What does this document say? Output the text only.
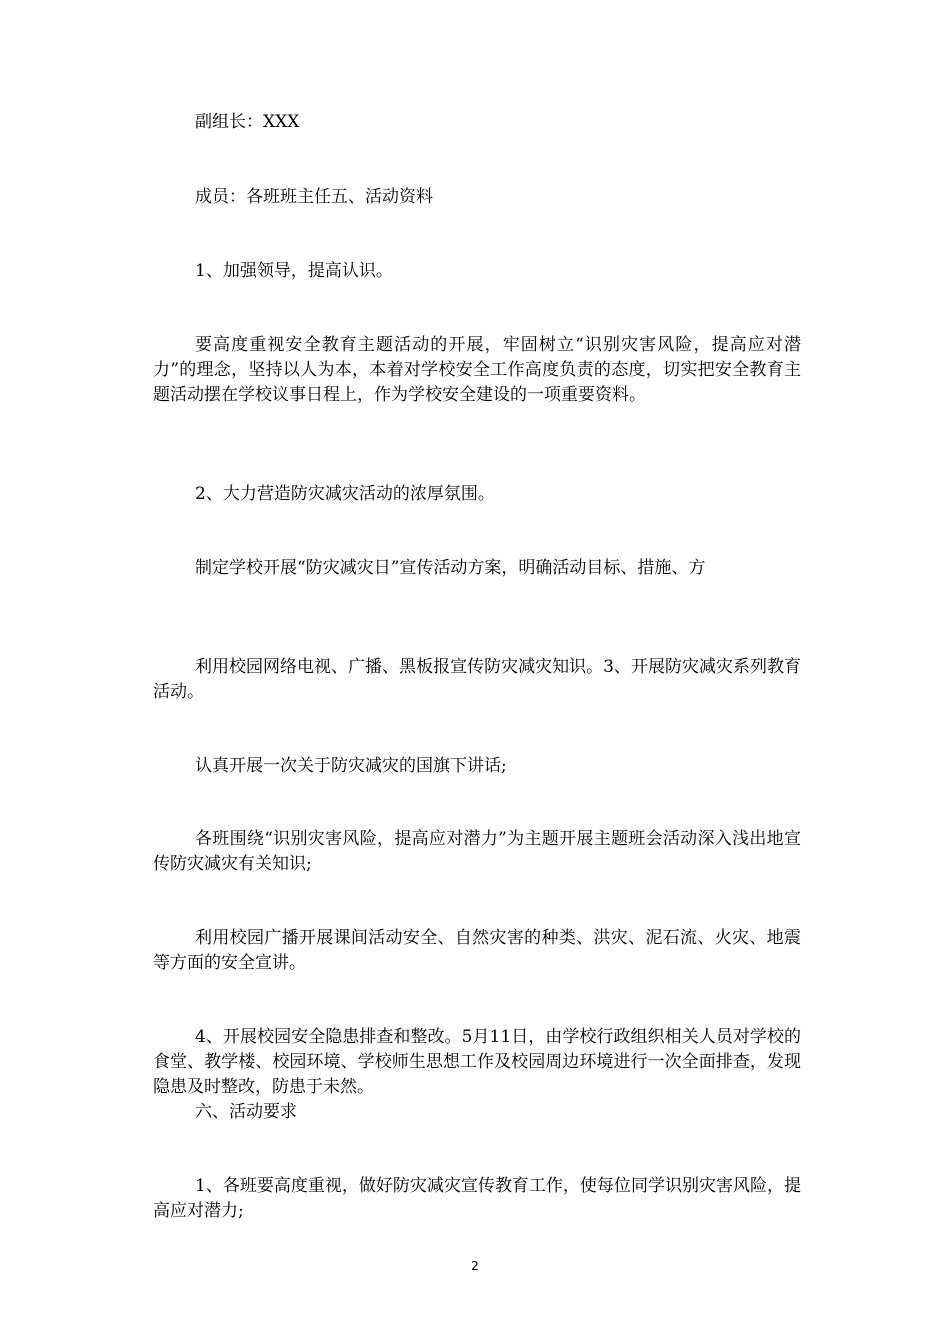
副组长：XXX

成员：各班班主任五、活动资料

1、加强领导，提高认识。

要高度重视安全教育主题活动的开展，牢固树立“识别灾害风险，提高应对潜力”的理念，坚持以人为本，本着对学校安全工作高度负责的态度，切实把安全教育主题活动摆在学校议事日程上，作为学校安全建设的一项重要资料。

2、大力营造防灾减灾活动的浓厚氛围。

制定学校开展“防灾减灾日”宣传活动方案，明确活动目标、措施、方

利用校园网络电视、广播、黑板报宣传防灾减灾知识。3、开展防灾减灾系列教育活动。

认真开展一次关于防灾减灾的国旗下讲话;

各班围绕“识别灾害风险，提高应对潜力”为主题开展主题班会活动深入浅出地宣传防灾减灾有关知识;

利用校园广播开展课间活动安全、自然灾害的种类、洪灾、泥石流、火灾、地震等方面的安全宣讲。

4、开展校园安全隐患排查和整改。5月11日，由学校行政组织相关人员对学校的食堂、教学楼、校园环境、学校师生思想工作及校园周边环境进行一次全面排查，发现隐患及时整改，防患于未然。

六、活动要求

1、各班要高度重视，做好防灾减灾宣传教育工作，使每位同学识别灾害风险，提高应对潜力;

2
